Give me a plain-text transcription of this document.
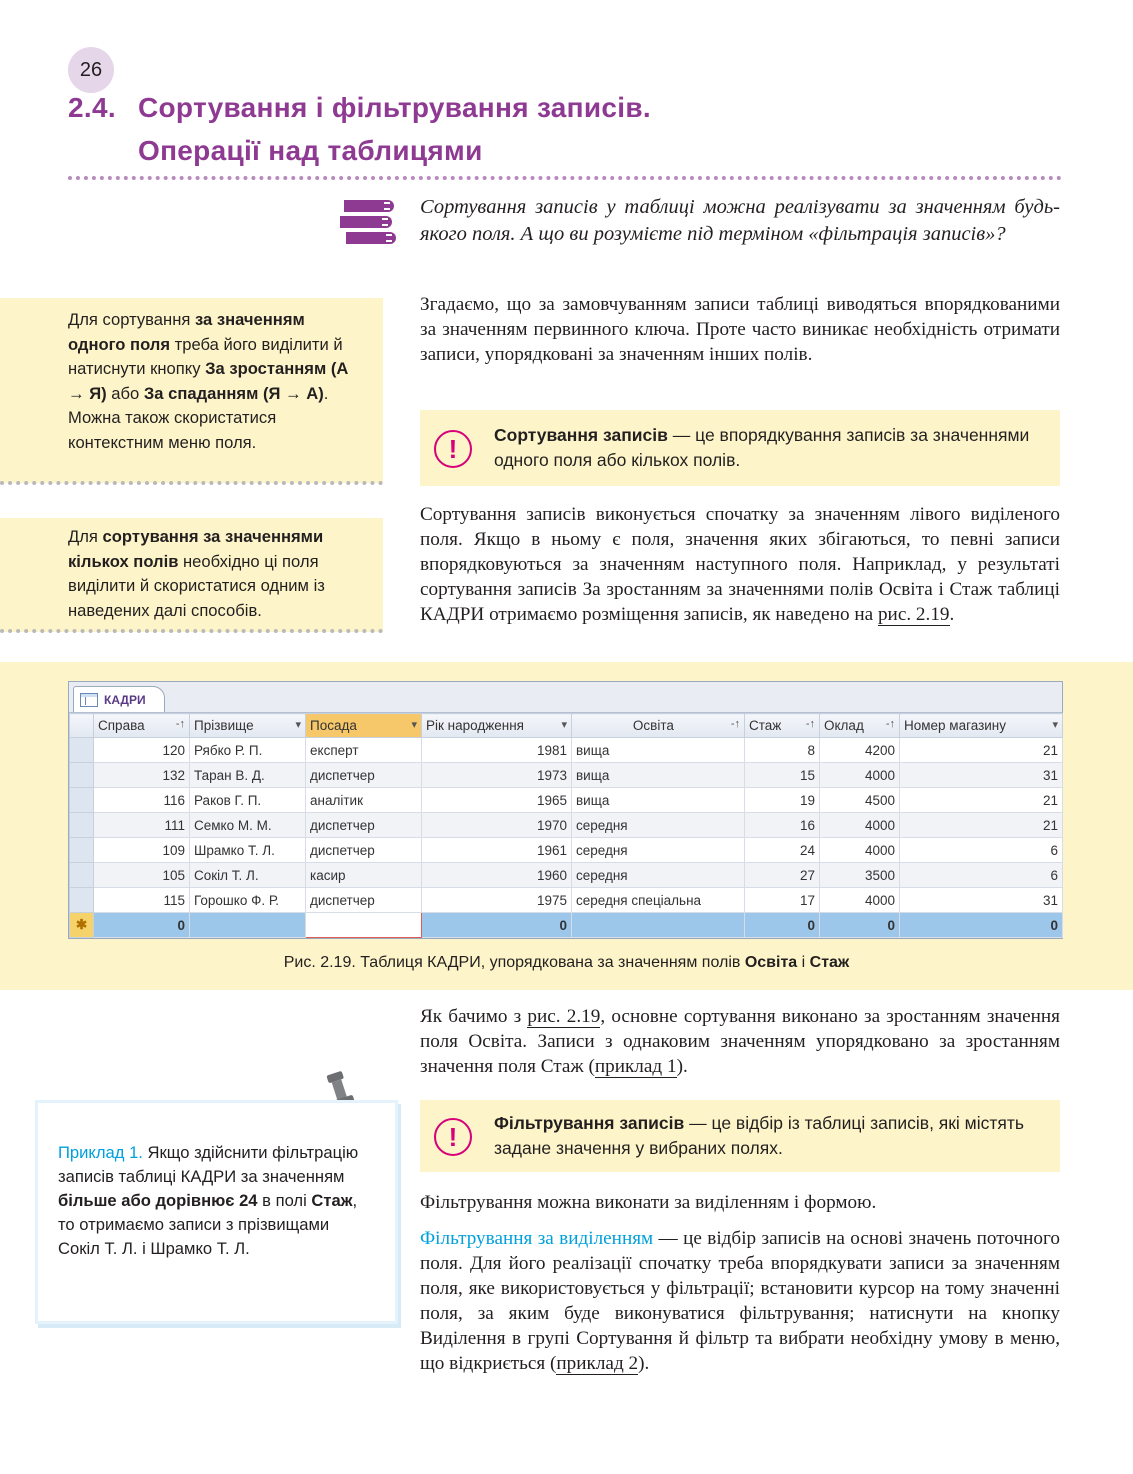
26
2.4. Сортування і фільтрування записів.
Операції над таблицями
Сортування записів у таблиці можна реалізувати за значенням будь-якого поля. А що ви розумієте під терміном «фільтрація записів»?
Згадаємо, що за замовчуванням записи таблиці виводяться впорядкованими за значенням первинного ключа. Проте часто виникає необхідність отримати записи, упорядковані за значенням інших полів.
Для сортування за значенням одного поля треба його виділити й натиснути кнопку За зростанням (А → Я) або За спаданням (Я → А). Можна також скористатися контекстним меню поля.	!	Сортування записів — це впорядкування записів за значеннями одного поля або кількох полів.
Для сортування за значеннями кількох полів необхідно ці поля виділити й скористатися одним із наведених далі способів.
Сортування записів виконується спочатку за значенням лівого виділеного поля. Якщо в ньому є поля, значення яких збігаються, то певні записи впорядковуються за значенням наступного поля. Наприклад, у результаті сортування записів За зростанням за значеннями полів Освіта і Стаж таблиці КАДРИ отримаємо розміщення записів, як наведено на рис. 2.19.
КАДРИ
	Справа -↑	Прізвище ▾	Посада ▾	Рік народження ▾	Освіта -↑	Стаж -↑	Оклад -↑	Номер магазину ▾

	120	Рябко Р. П.	експерт	1981	вища	8	4200	21
	132	Таран В. Д.	диспетчер	1973	вища	15	4000	31
	116	Раков Г. П.	аналітик	1965	вища	19	4500	21
	111	Семко М. М.	диспетчер	1970	середня	16	4000	21
	109	Шрамко Т. Л.	диспетчер	1961	середня	24	4000	6
	105	Сокіл Т. Л.	касир	1960	середня	27	3500	6
	115	Горошко Ф. Р.	диспетчер	1975	середня спеціальна	17	4000	31
✱	0			0		0	0	0
Рис. 2.19. Таблиця КАДРИ, упорядкована за значенням полів Освіта і Стаж
Як бачимо з рис. 2.19, основне сортування виконано за зростанням значення поля Освіта. Записи з однаковим значенням упорядковано за зростанням значення поля Стаж (приклад 1).
Приклад 1. Якщо здійснити фільтрацію записів таблиці КАДРИ за значенням більше або дорівнює 24 в полі Стаж, то отримаємо записи з прізвищами Сокіл Т. Л. і Шрамко Т. Л.
!	Фільтрування записів — це відбір із таблиці записів, які містять задане значення у вибраних полях.
Фільтрування можна виконати за виділенням і формою.
Фільтрування за виділенням — це відбір записів на основі значень поточного поля. Для його реалізації спочатку треба впорядкувати записи за значенням поля, яке використовується у фільтрації; встановити курсор на тому значенні поля, за яким буде виконуватися фільтрування; натиснути на кнопку Виділення в групі Сортування й фільтр та вибрати необхідну умову в меню, що відкриється (приклад 2).
